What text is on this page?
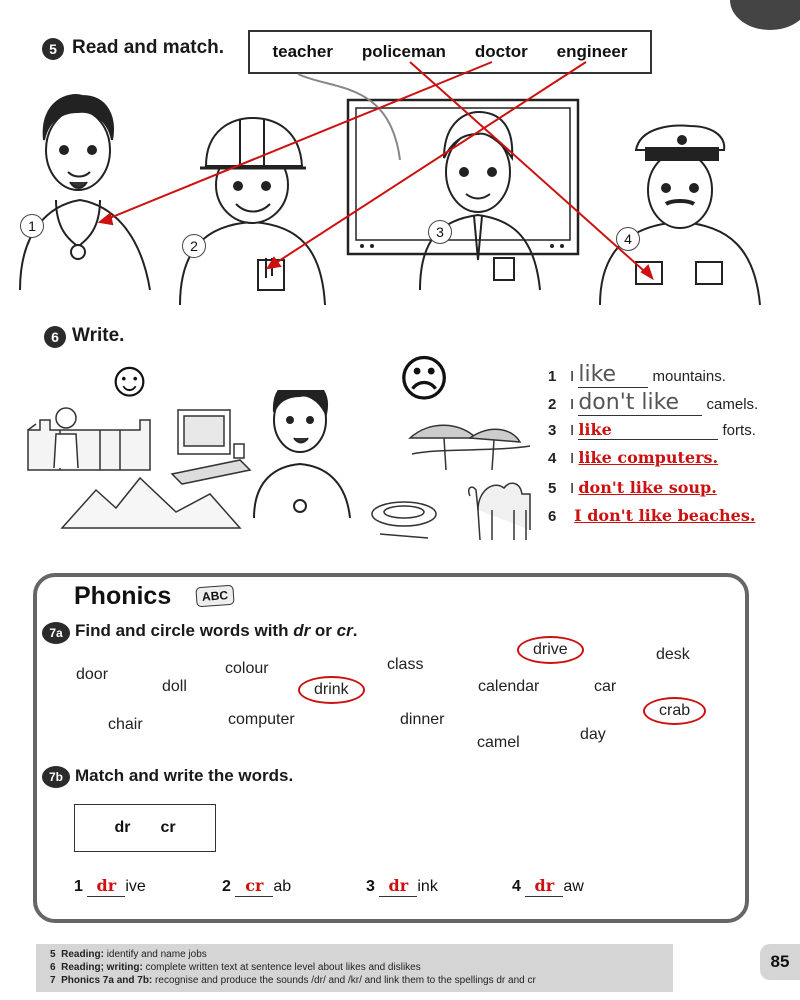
5 Read and match.	teacher policeman doctor engineer
1
2
3	4
6 Write.
☺	☹	1 I like mountains.
2 I don't like camels.
3 I like	forts.
4 I like computers.
5 I don't like soup.
6 I don't like beaches.
Phonics	ABC
7a Find and circle words with dr or cr.
door
doll
colour
drink
class
drive
calendar	car
desk
crab
chair	computer	dinner
camel	day
7b Match and write the words.
dr cr
1 dr ive	2 cr ab	3 dr ink	4 dr aw
5 Reading: identify and name jobs
6 Reading; writing: complete written text at sentence level about likes and dislikes
7 Phonics 7a and 7b: recognise and produce the sounds /dr/ and /kr/ and link them to the spellings dr and cr
85
